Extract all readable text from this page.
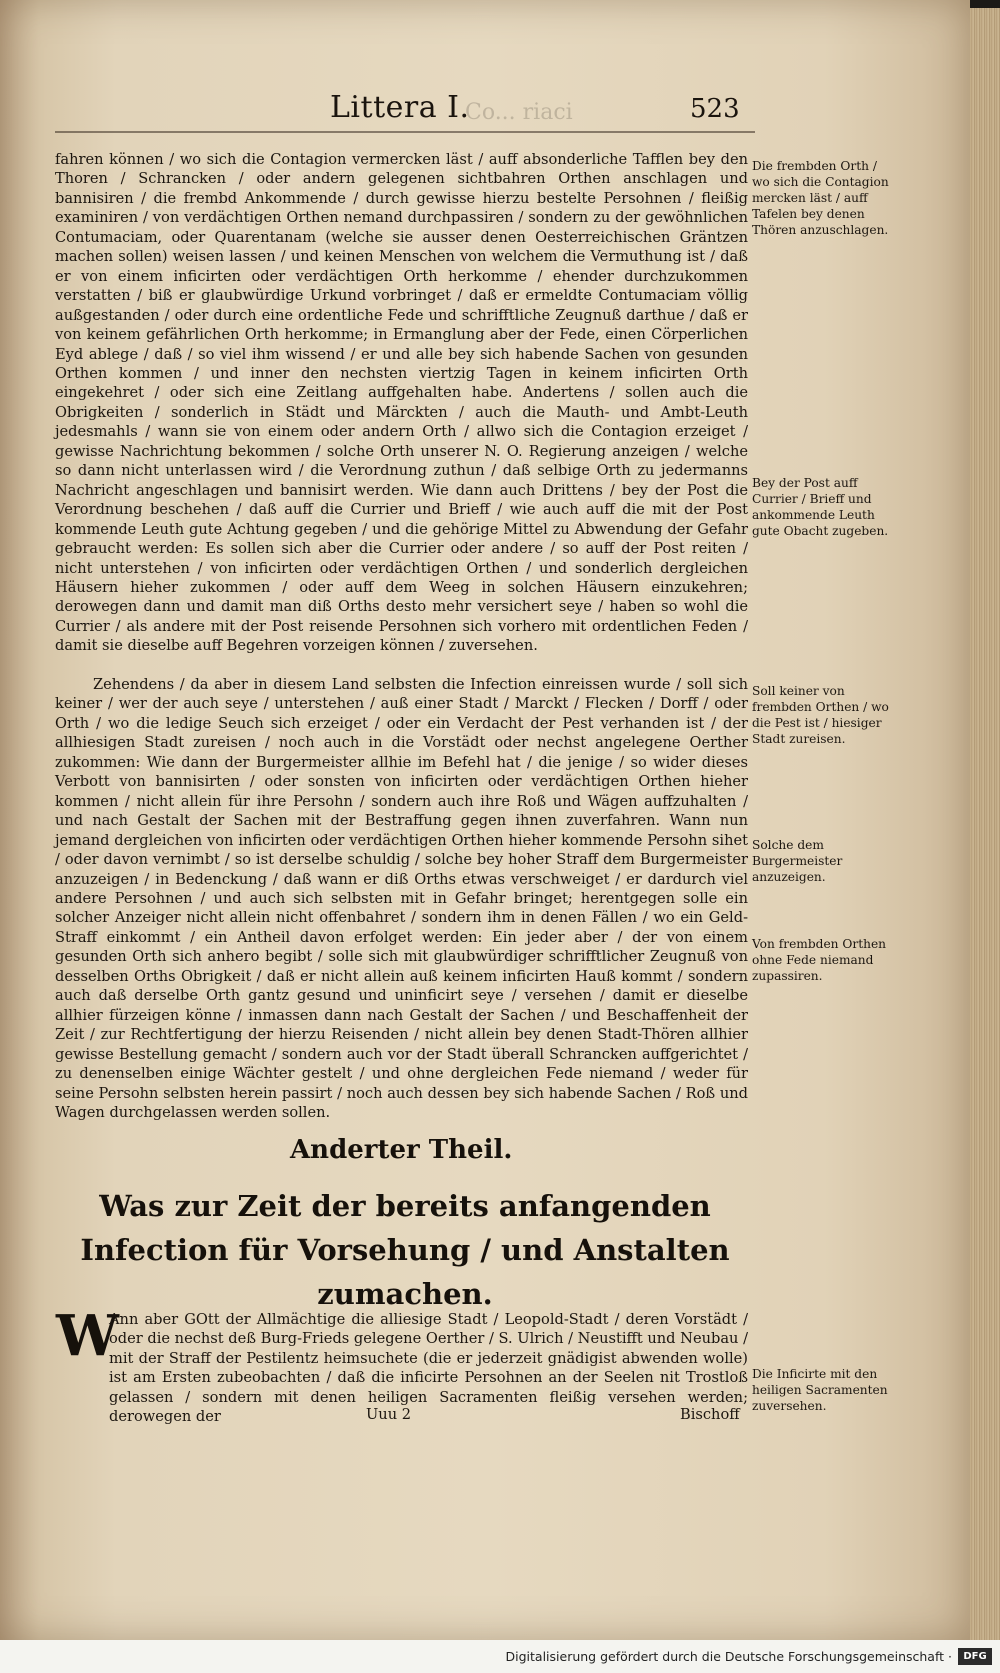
Co... riaci
Littera I.	523

fahren können / wo sich die Contagion vermercken läst / auff absonderliche Tafflen bey den Thoren / Schrancken / oder andern gelegenen sichtbahren Orthen anschlagen und bannisiren / die frembd Ankommende / durch gewisse hierzu bestelte Persohnen / fleißig examiniren / von verdächtigen Orthen nemand durchpassiren / sondern zu der gewöhnlichen Contumaciam, oder Quarentanam (welche sie ausser denen Oesterreichischen Gräntzen machen sollen) weisen lassen / und keinen Menschen von welchem die Vermuthung ist / daß er von einem inficirten oder verdächtigen Orth herkomme / ehender durchzukommen verstatten / biß er glaubwürdige Urkund vorbringet / daß er ermeldte Contumaciam völlig außgestanden / oder durch eine ordentliche Fede und schrifftliche Zeugnuß darthue / daß er von keinem gefährlichen Orth herkomme; in Ermanglung aber der Fede, einen Cörperlichen Eyd ablege / daß / so viel ihm wissend / er und alle bey sich habende Sachen von gesunden Orthen kommen / und inner den nechsten viertzig Tagen in keinem inficirten Orth eingekehret / oder sich eine Zeitlang auffgehalten habe. Andertens / sollen auch die Obrigkeiten / sonderlich in Städt und Märckten / auch die Mauth- und Ambt-Leuth jedesmahls / wann sie von einem oder andern Orth / allwo sich die Contagion erzeiget / gewisse Nachrichtung bekommen / solche Orth unserer N. O. Regierung anzeigen / welche so dann nicht unterlassen wird / die Verordnung zuthun / daß selbige Orth zu jedermanns Nachricht angeschlagen und bannisirt werden. Wie dann auch Drittens / bey der Post die Verordnung beschehen / daß auff die Currier und Brieff / wie auch auff die mit der Post kommende Leuth gute Achtung gegeben / und die gehörige Mittel zu Abwendung der Gefahr gebraucht werden: Es sollen sich aber die Currier oder andere / so auff der Post reiten / nicht unterstehen / von inficirten oder verdächtigen Orthen / und sonderlich dergleichen Häusern hieher zukommen / oder auff dem Weeg in solchen Häusern einzukehren; derowegen dann und damit man diß Orths desto mehr versichert seye / haben so wohl die Currier / als andere mit der Post reisende Persohnen sich vorhero mit ordentlichen Feden / damit sie dieselbe auff Begehren vorzeigen können / zuversehen.

Zehendens / da aber in diesem Land selbsten die Infection einreissen wurde / soll sich keiner / wer der auch seye / unterstehen / auß einer Stadt / Marckt / Flecken / Dorff / oder Orth / wo die ledige Seuch sich erzeiget / oder ein Verdacht der Pest verhanden ist / der allhiesigen Stadt zureisen / noch auch in die Vorstädt oder nechst angelegene Oerther zukommen: Wie dann der Burgermeister allhie im Befehl hat / die jenige / so wider dieses Verbott von bannisirten / oder sonsten von inficirten oder verdächtigen Orthen hieher kommen / nicht allein für ihre Persohn / sondern auch ihre Roß und Wägen auffzuhalten / und nach Gestalt der Sachen mit der Bestraffung gegen ihnen zuverfahren. Wann nun jemand dergleichen von inficirten oder verdächtigen Orthen hieher kommende Persohn sihet / oder davon vernimbt / so ist derselbe schuldig / solche bey hoher Straff dem Burgermeister anzuzeigen / in Bedenckung / daß wann er diß Orths etwas verschweiget / er dardurch viel andere Persohnen / und auch sich selbsten mit in Gefahr bringet; herentgegen solle ein solcher Anzeiger nicht allein nicht offenbahret / sondern ihm in denen Fällen / wo ein Geld-Straff einkommt / ein Antheil davon erfolget werden: Ein jeder aber / der von einem gesunden Orth sich anhero begibt / solle sich mit glaubwürdiger schrifftlicher Zeugnuß von desselben Orths Obrigkeit / daß er nicht allein auß keinem inficirten Hauß kommt / sondern auch daß derselbe Orth gantz gesund und uninficirt seye / versehen / damit er dieselbe allhier fürzeigen könne / inmassen dann nach Gestalt der Sachen / und Beschaffenheit der Zeit / zur Rechtfertigung der hierzu Reisenden / nicht allein bey denen Stadt-Thören allhier gewisse Bestellung gemacht / sondern auch vor der Stadt überall Schrancken auffgerichtet / zu denenselben einige Wächter gestelt / und ohne dergleichen Fede niemand / weder für seine Persohn selbsten herein passirt / noch auch dessen bey sich habende Sachen / Roß und Wagen durchgelassen werden sollen.

Anderter Theil.
Was zur Zeit der bereits anfangenden Infection für Vorsehung / und Anstalten zumachen.
W

Ann aber GOtt der Allmächtige die alliesige Stadt / Leopold-Stadt / deren Vorstädt / oder die nechst deß Burg-Frieds gelegene Oerther / S. Ulrich / Neustifft und Neubau / mit der Straff der Pestilentz heimsuchete (die er jederzeit gnädigist abwenden wolle) ist am Ersten zubeobachten / daß die inficirte Persohnen an der Seelen nit Trostloß gelassen / sondern mit denen heiligen Sacramenten fleißig versehen werden; derowegen der	Uuu 2	Bischoff
Die frembden Orth / wo sich die Contagion mercken läst / auff Tafelen bey denen Thören anzuschlagen.
Bey der Post auff Currier / Brieff und ankommende Leuth gute Obacht zugeben.
Soll keiner von frembden Orthen / wo die Pest ist / hiesiger Stadt zureisen.
Solche dem Burgermeister anzuzeigen.
Von frembden Orthen ohne Fede niemand zupassiren.
Die Inficirte mit den heiligen Sacramenten zuversehen.
Digitalisierung gefördert durch die Deutsche Forschungsgemeinschaft ·	DFG
